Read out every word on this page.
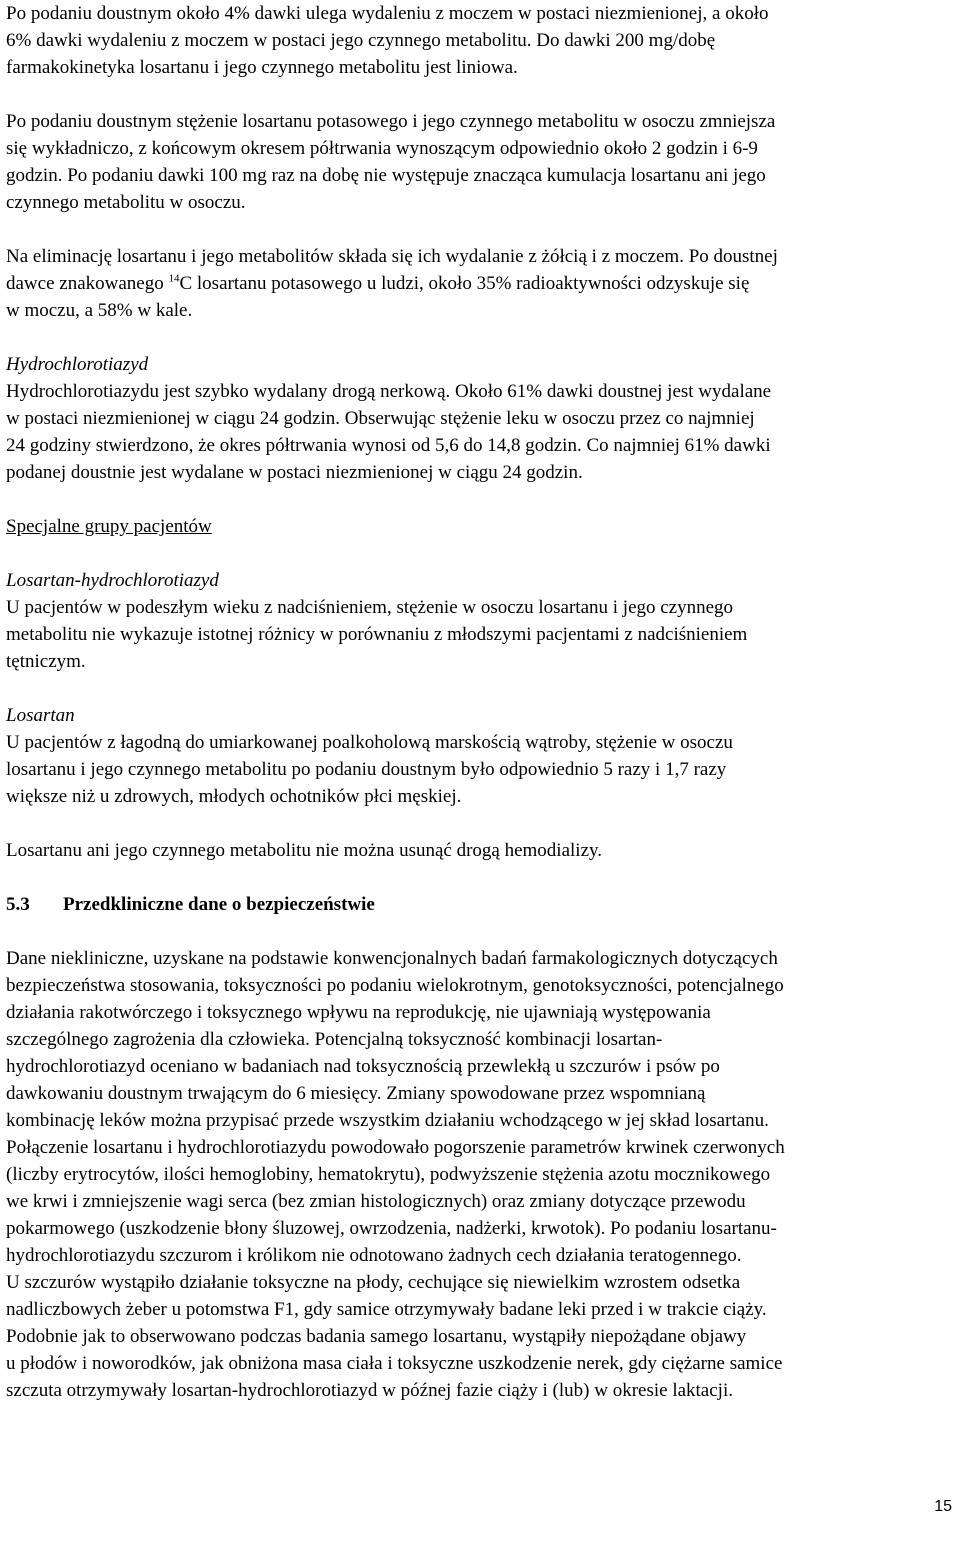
Po podaniu doustnym około 4% dawki ulega wydaleniu z moczem w postaci niezmienionej, a około
6% dawki wydaleniu z moczem w postaci jego czynnego metabolitu. Do dawki 200 mg/dobę
farmakokinetyka losartanu i jego czynnego metabolitu jest liniowa.

Po podaniu doustnym stężenie losartanu potasowego i jego czynnego metabolitu w osoczu zmniejsza
się wykładniczo, z końcowym okresem półtrwania wynoszącym odpowiednio około 2 godzin i 6-9
godzin. Po podaniu dawki 100 mg raz na dobę nie występuje znacząca kumulacja losartanu ani jego
czynnego metabolitu w osoczu.

Na eliminację losartanu i jego metabolitów składa się ich wydalanie z żółcią i z moczem. Po doustnej
dawce znakowanego $^{14}$C losartanu potasowego u ludzi, około 35% radioaktywności odzyskuje się
w moczu, a 58% w kale.

Hydrochlorotiazyd

Hydrochlorotiazydu jest szybko wydalany drogą nerkową. Około 61% dawki doustnej jest wydalane
w postaci niezmienionej w ciągu 24 godzin. Obserwując stężenie leku w osoczu przez co najmniej
24 godziny stwierdzono, że okres półtrwania wynosi od 5,6 do 14,8 godzin. Co najmniej 61% dawki
podanej doustnie jest wydalane w postaci niezmienionej w ciągu 24 godzin.

Specjalne grupy pacjentów

Losartan-hydrochlorotiazyd

U pacjentów w podeszłym wieku z nadciśnieniem, stężenie w osoczu losartanu i jego czynnego
metabolitu nie wykazuje istotnej różnicy w porównaniu z młodszymi pacjentami z nadciśnieniem
tętniczym.

Losartan

U pacjentów z łagodną do umiarkowanej poalkoholową marskością wątroby, stężenie w osoczu
losartanu i jego czynnego metabolitu po podaniu doustnym było odpowiednio 5 razy i 1,7 razy
większe niż u zdrowych, młodych ochotników płci męskiej.

Losartanu ani jego czynnego metabolitu nie można usunąć drogą hemodializy.

5.3 Przedkliniczne dane o bezpieczeństwie

Dane niekliniczne, uzyskane na podstawie konwencjonalnych badań farmakologicznych dotyczących
bezpieczeństwa stosowania, toksyczności po podaniu wielokrotnym, genotoksyczności, potencjalnego
działania rakotwórczego i toksycznego wpływu na reprodukcję, nie ujawniają występowania
szczególnego zagrożenia dla człowieka. Potencjalną toksyczność kombinacji losartan-
hydrochlorotiazyd oceniano w badaniach nad toksycznością przewlekłą u szczurów i psów po
dawkowaniu doustnym trwającym do 6 miesięcy. Zmiany spowodowane przez wspomnianą
kombinację leków można przypisać przede wszystkim działaniu wchodzącego w jej skład losartanu.
Połączenie losartanu i hydrochlorotiazydu powodowało pogorszenie parametrów krwinek czerwonych
(liczby erytrocytów, ilości hemoglobiny, hematokrytu), podwyższenie stężenia azotu mocznikowego
we krwi i zmniejszenie wagi serca (bez zmian histologicznych) oraz zmiany dotyczące przewodu
pokarmowego (uszkodzenie błony śluzowej, owrzodzenia, nadżerki, krwotok). Po podaniu losartanu-
hydrochlorotiazydu szczurom i królikom nie odnotowano żadnych cech działania teratogennego.
U szczurów wystąpiło działanie toksyczne na płody, cechujące się niewielkim wzrostem odsetka
nadliczbowych żeber u potomstwa F1, gdy samice otrzymywały badane leki przed i w trakcie ciąży.
Podobnie jak to obserwowano podczas badania samego losartanu, wystąpiły niepożądane objawy
u płodów i noworodków, jak obniżona masa ciała i toksyczne uszkodzenie nerek, gdy ciężarne samice
szczuta otrzymywały losartan-hydrochlorotiazyd w późnej fazie ciąży i (lub) w okresie laktacji.

15
